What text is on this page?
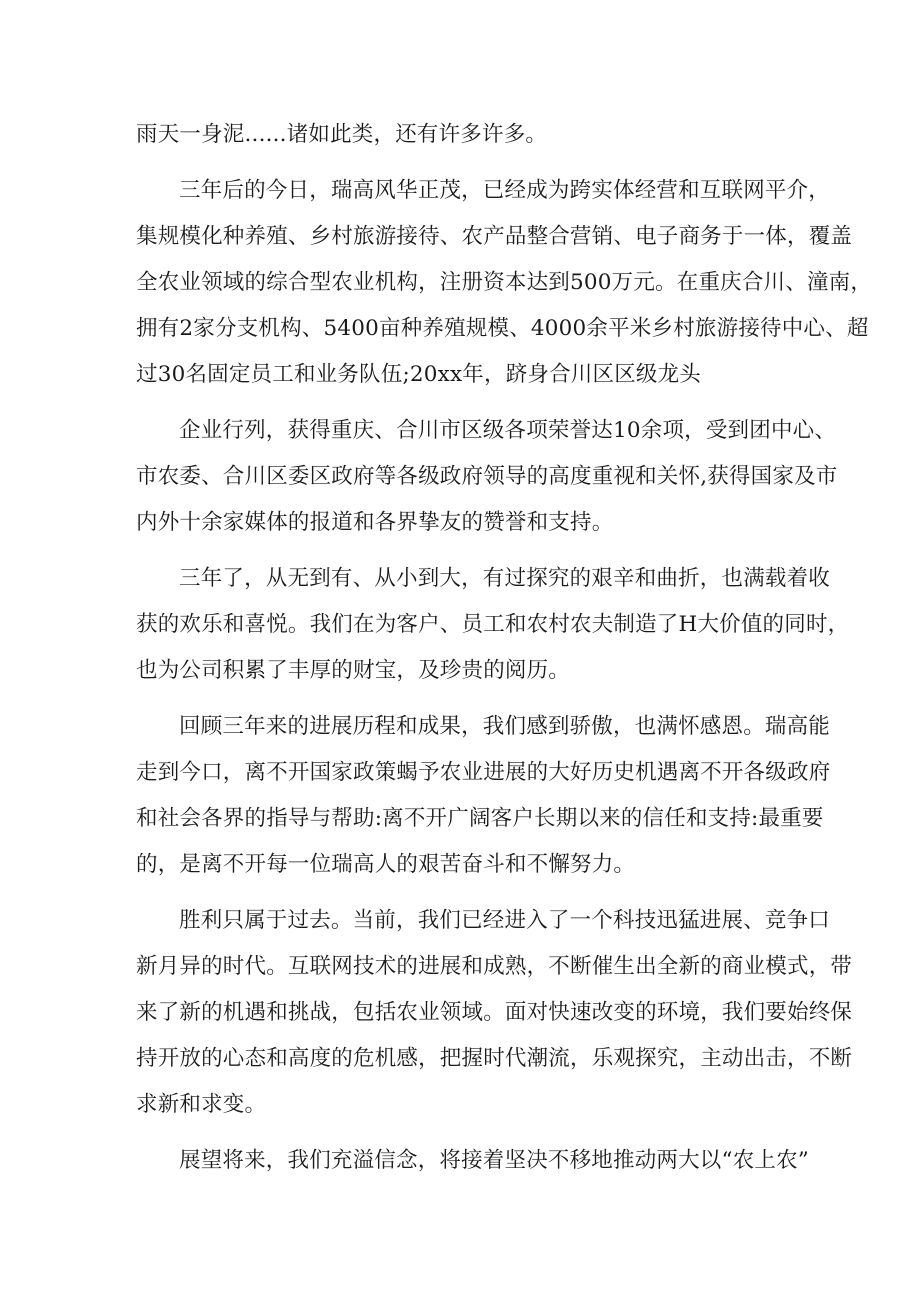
雨天一身泥......诸如此类，还有许多许多。
三年后的今日，瑞高风华正茂，已经成为跨实体经营和互联网平介，
集规模化种养殖、乡村旅游接待、农产品整合营销、电子商务于一体，覆盖
全农业领域的综合型农业机构，注册资本达到500万元。在重庆合川、潼南，
拥有2家分支机构、5400亩种养殖规模、4000余平米乡村旅游接待中心、超
过30名固定员工和业务队伍;20xx年，跻身合川区区级龙头
企业行列，获得重庆、合川市区级各项荣誉达10余项，受到团中心、
市农委、合川区委区政府等各级政府领导的高度重视和关怀,获得国家及市
内外十余家媒体的报道和各界挚友的赞誉和支持。
三年了，从无到有、从小到大，有过探究的艰辛和曲折，也满载着收
获的欢乐和喜悦。我们在为客户、员工和农村农夫制造了H大价值的同时，
也为公司积累了丰厚的财宝，及珍贵的阅历。
回顾三年来的进展历程和成果，我们感到骄傲，也满怀感恩。瑞高能
走到今口，离不开国家政策蝎予农业进展的大好历史机遇离不开各级政府
和社会各界的指导与帮助:离不开广阔客户长期以来的信任和支持:最重要
的，是离不开每一位瑞高人的艰苦奋斗和不懈努力。
胜利只属于过去。当前，我们已经进入了一个科技迅猛进展、竞争口
新月异的时代。互联网技术的进展和成熟，不断催生出全新的商业模式，带
来了新的机遇和挑战，包括农业领域。面对快速改变的环境，我们要始终保
持开放的心态和高度的危机感，把握时代潮流，乐观探究，主动出击，不断
求新和求变。
展望将来，我们充溢信念，将接着坚决不移地推动两大以“农上农”
